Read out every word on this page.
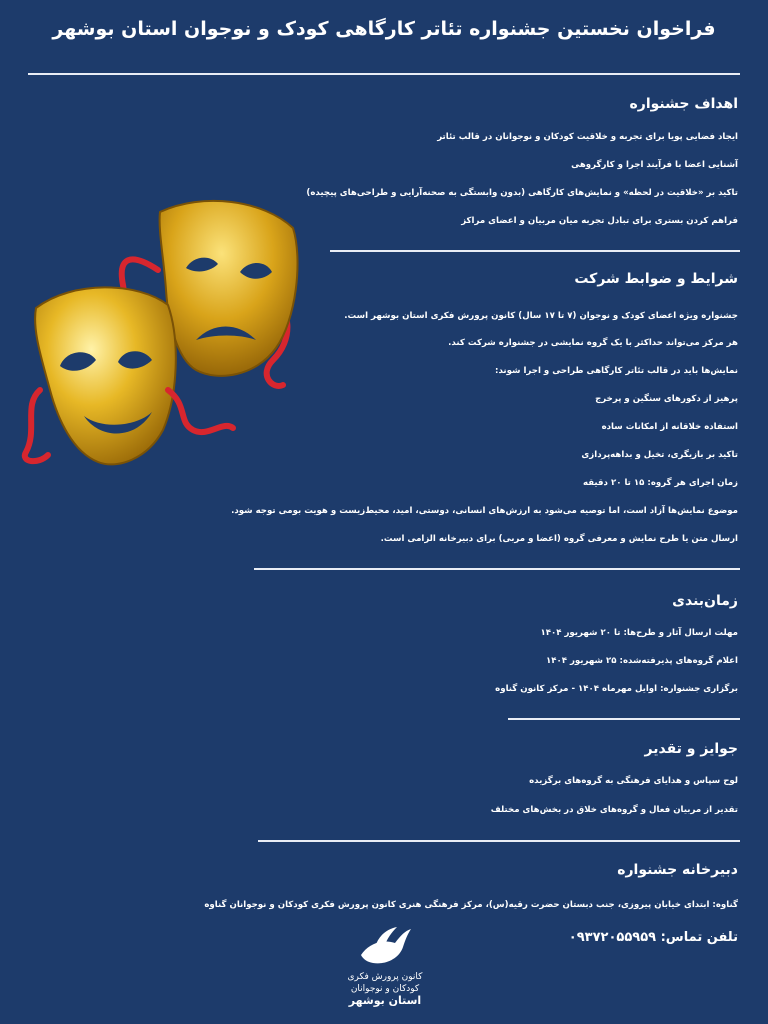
فراخوان نخستین جشنواره تئاتر کارگاهی کودک و نوجوان استان بوشهر
اهداف جشنواره
ایجاد فضایی پویا برای تجربه و خلاقیت کودکان و نوجوانان در قالب تئاتر
آشنایی اعضا با فرآیند اجرا و کارگروهی
تاکید بر «خلاقیت در لحظه» و نمایش‌های کارگاهی (بدون وابستگی به صحنه‌آرایی و طراحی‌های پیچیده)
فراهم کردن بستری برای تبادل تجربه میان مربیان و اعضای مراکز
شرایط و ضوابط شرکت
جشنواره ویژه اعضای کودک و نوجوان (۷ تا ۱۷ سال) کانون پرورش فکری استان بوشهر است.
هر مرکز می‌تواند حداکثر با یک گروه نمایشی در جشنواره شرکت کند.
نمایش‌ها باید در قالب تئاتر کارگاهی طراحی و اجرا شوند:
پرهیز از دکورهای سنگین و پرخرج
استفاده خلاقانه از امکانات ساده
تاکید بر بازیگری، تخیل و بداهه‌پردازی
زمان اجرای هر گروه: ۱۵ تا ۲۰ دقیقه
موضوع نمایش‌ها آزاد است، اما توصیه می‌شود به ارزش‌های انسانی، دوستی، امید، محیط‌زیست و هویت بومی توجه شود.
ارسال متن یا طرح نمایش و معرفی گروه (اعضا و مربی) برای دبیرخانه الزامی است.
زمان‌بندی
مهلت ارسال آثار و طرح‌ها: تا ۲۰ شهریور ۱۴۰۴
اعلام گروه‌های پذیرفته‌شده: ۲۵ شهریور ۱۴۰۴
برگزاری جشنواره: اوایل مهرماه ۱۴۰۴ - مرکز کانون گناوه
جوایز و تقدیر
لوح سپاس و هدایای فرهنگی به گروه‌های برگزیده
تقدیر از مربیان فعال و گروه‌های خلاق در بخش‌های مختلف
دبیرخانه جشنواره
گناوه: ابتدای خیابان پیروزی، جنب دبستان حضرت رقیه(س)، مرکز فرهنگی هنری کانون پرورش فکری کودکان و نوجوانان گناوه
تلفن تماس: ۰۹۳۷۲۰۵۵۹۵۹
کانون پرورش فکری
کودکان و نوجوانان
استان بوشهر
